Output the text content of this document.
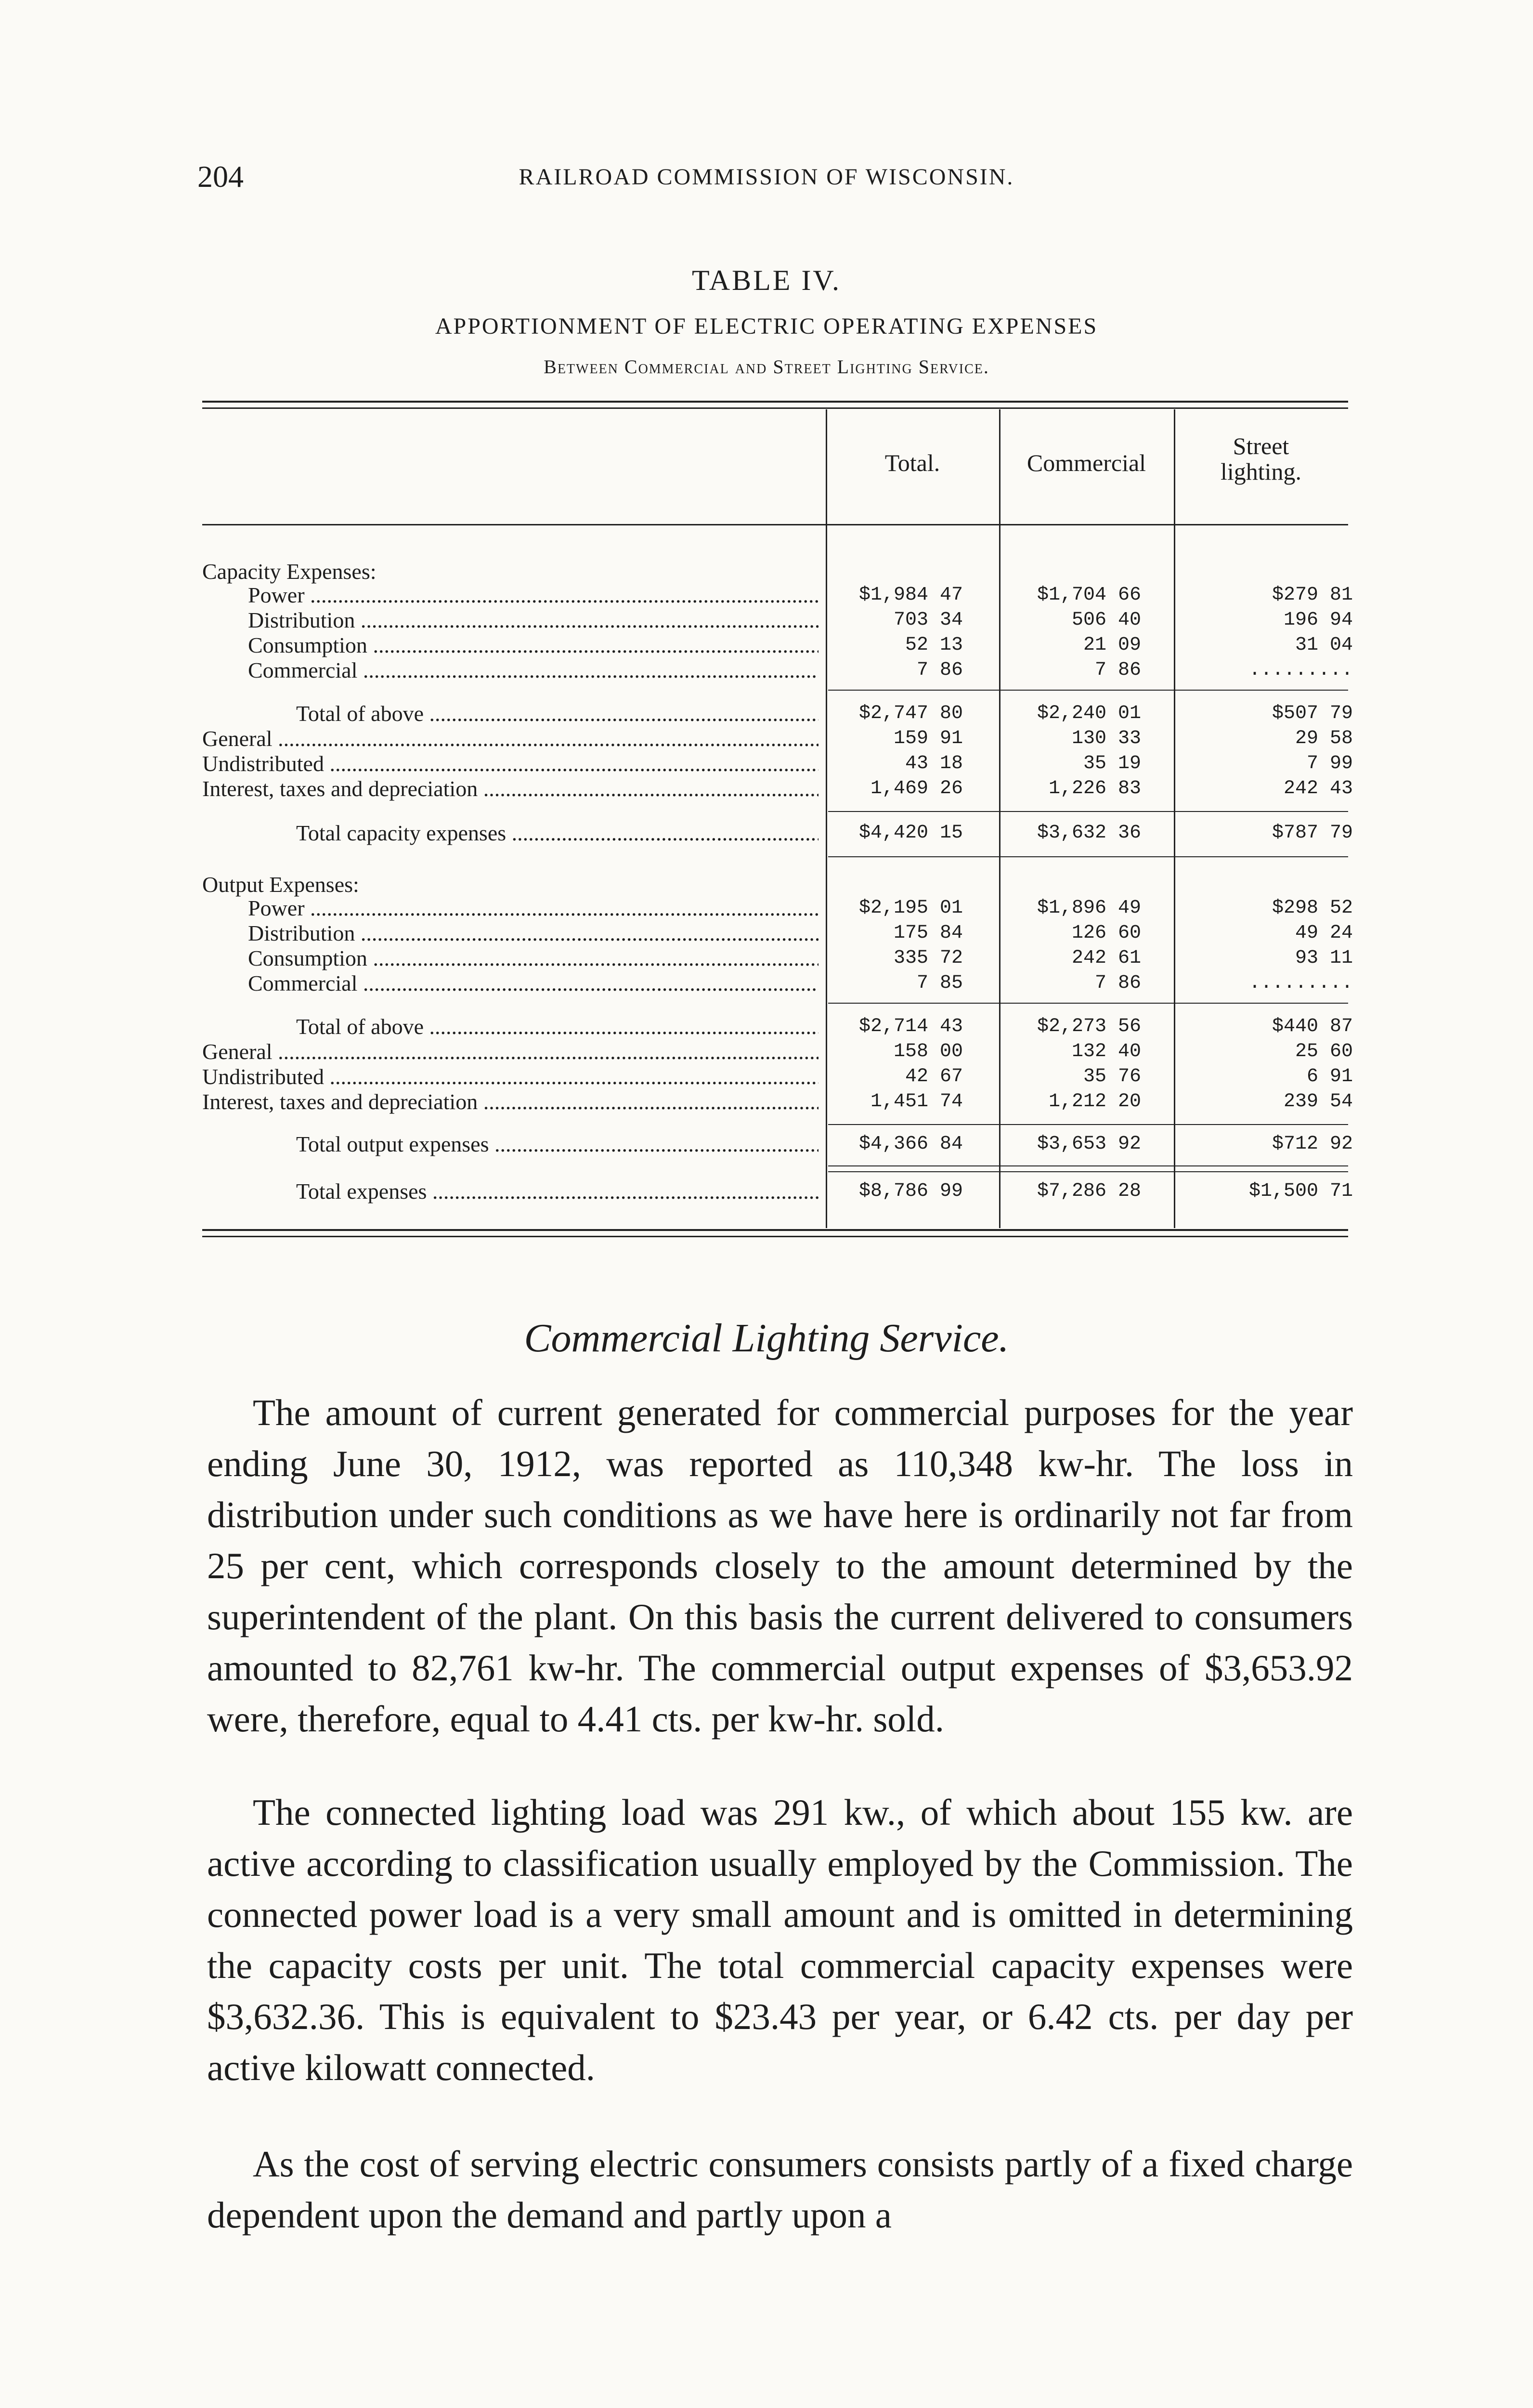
204	RAILROAD COMMISSION OF WISCONSIN.
TABLE IV.
APPORTIONMENT OF ELECTRIC OPERATING EXPENSES
Between Commercial and Street Lighting Service.
Total.	Commercial
Street
lighting.
Capacity Expenses:
Output Expenses:
Power .....	$1,984 47	$1,704 66	$279 81
Distribution .....	703 34	506 40	196 94
Consumption .....	52 13	21 09	31 04
Commercial .....	7 86	7 86	.........
Total of above .....	$2,747 80	$2,240 01	$507 79
General .....	159 91	130 33	29 58
Undistributed .....	43 18	35 19	7 99
Interest, taxes and depreciation .....	1,469 26	1,226 83	242 43
Total capacity expenses .....	$4,420 15	$3,632 36	$787 79
Power .....	$2,195 01	$1,896 49	$298 52
Distribution .....	175 84	126 60	49 24
Consumption .....	335 72	242 61	93 11
Commercial .....	7 85	7 86	.........
Total of above .....	$2,714 43	$2,273 56	$440 87
General .....	158 00	132 40	25 60
Undistributed .....	42 67	35 76	6 91
Interest, taxes and depreciation .....	1,451 74	1,212 20	239 54
Total output expenses .....	$4,366 84	$3,653 92	$712 92
Total expenses .....	$8,786 99	$7,286 28	$1,500 71
Commercial Lighting Service.

The amount of current generated for commercial purposes for the year ending June 30, 1912, was reported as 110,348 kw-hr. The loss in distribution under such conditions as we have here is ordinarily not far from 25 per cent, which corresponds closely to the amount determined by the superintendent of the plant. On this basis the current delivered to consumers amounted to 82,761 kw-hr. The commercial output expenses of $3,653.92 were, therefore, equal to 4.41 cts. per kw-hr. sold.

The connected lighting load was 291 kw., of which about 155 kw. are active according to classification usually employed by the Commission. The connected power load is a very small amount and is omitted in determining the capacity costs per unit. The total commercial capacity expenses were $3,632.36. This is equivalent to $23.43 per year, or 6.42 cts. per day per active kilowatt connected.

As the cost of serving electric consumers consists partly of a fixed charge dependent upon the demand and partly upon a
